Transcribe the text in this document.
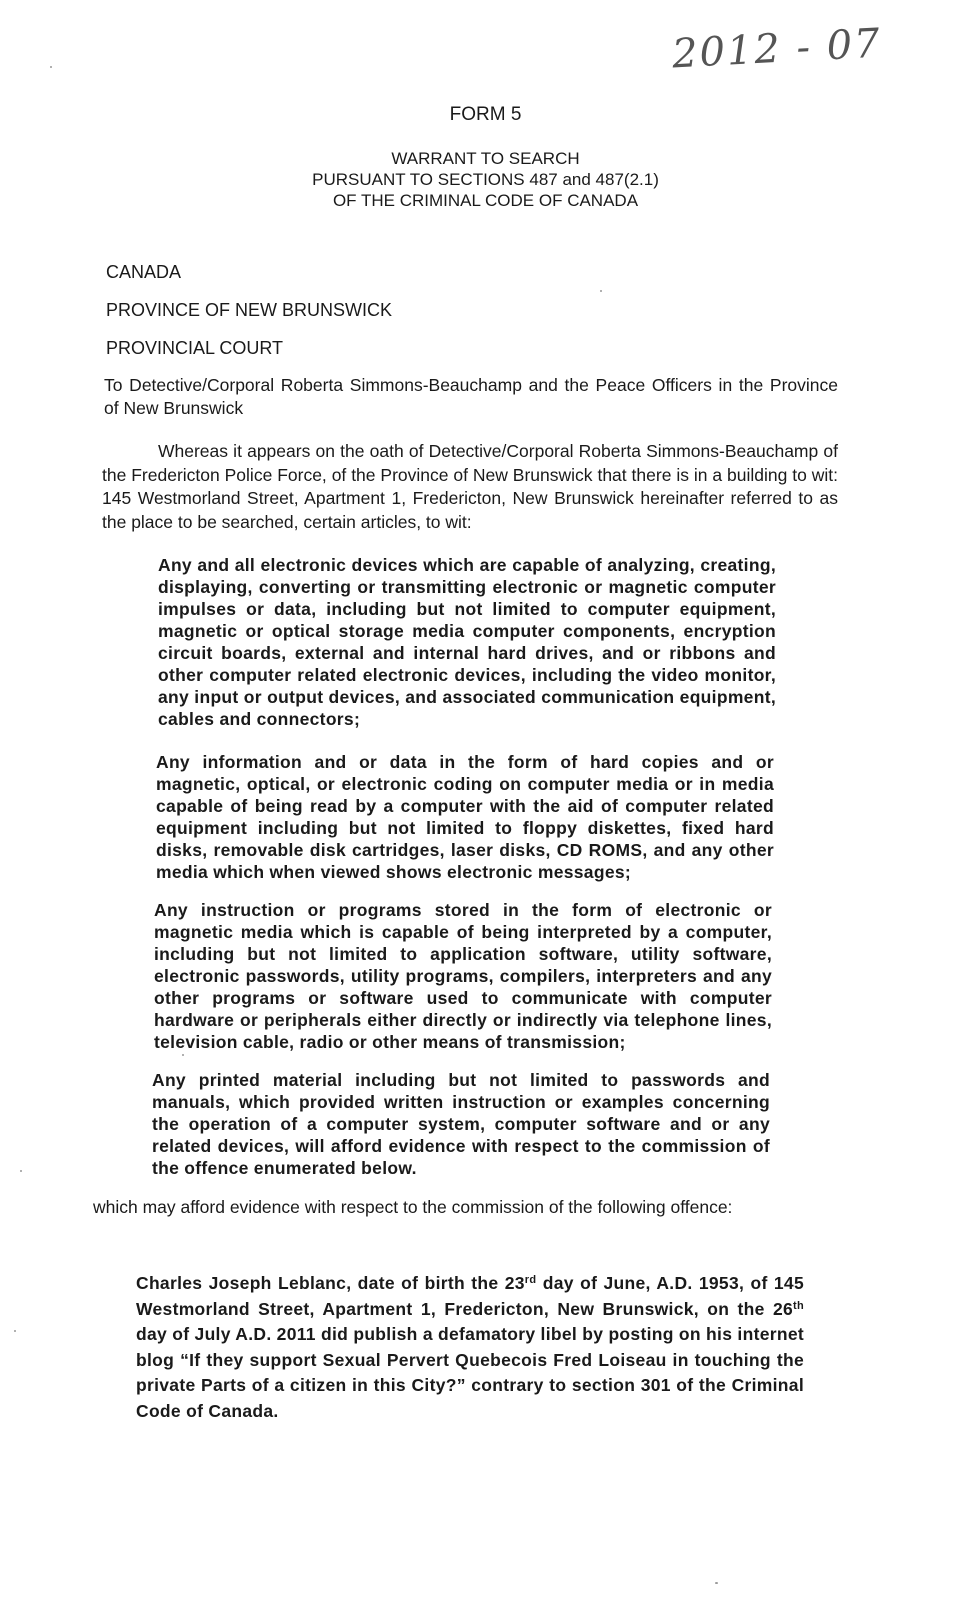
2012 - 07
FORM 5
WARRANT TO SEARCH
PURSUANT TO SECTIONS 487 and 487(2.1)
OF THE CRIMINAL CODE OF CANADA
CANADA
PROVINCE OF NEW BRUNSWICK
PROVINCIAL COURT
To Detective/Corporal Roberta Simmons-Beauchamp and the Peace Officers in the Province of New Brunswick
Whereas it appears on the oath of Detective/Corporal Roberta Simmons-Beauchamp of the Fredericton Police Force, of the Province of New Brunswick that there is in a building to wit: 145 Westmorland Street, Apartment 1, Fredericton, New Brunswick hereinafter referred to as the place to be searched, certain articles, to wit:
Any and all electronic devices which are capable of analyzing, creating, displaying, converting or transmitting electronic or magnetic computer impulses or data, including but not limited to computer equipment, magnetic or optical storage media computer components, encryption circuit boards, external and internal hard drives, and or ribbons and other computer related electronic devices, including the video monitor, any input or output devices, and associated communication equipment, cables and connectors;
Any information and or data in the form of hard copies and or magnetic, optical, or electronic coding on computer media or in media capable of being read by a computer with the aid of computer related equipment including but not limited to floppy diskettes, fixed hard disks, removable disk cartridges, laser disks, CD ROMS, and any other media which when viewed shows electronic messages;
Any instruction or programs stored in the form of electronic or magnetic media which is capable of being interpreted by a computer, including but not limited to application software, utility software, electronic passwords, utility programs, compilers, interpreters and any other programs or software used to communicate with computer hardware or peripherals either directly or indirectly via telephone lines, television cable, radio or other means of transmission;
Any printed material including but not limited to passwords and manuals, which provided written instruction or examples concerning the operation of a computer system, computer software and or any related devices, will afford evidence with respect to the commission of the offence enumerated below.
which may afford evidence with respect to the commission of the following offence:
Charles Joseph Leblanc, date of birth the 23rd day of June, A.D. 1953, of 145 Westmorland Street, Apartment 1, Fredericton, New Brunswick, on the 26th day of July A.D. 2011 did publish a defamatory libel by posting on his internet blog “If they support Sexual Pervert Quebecois Fred Loiseau in touching the private Parts of a citizen in this City?” contrary to section 301 of the Criminal Code of Canada.
